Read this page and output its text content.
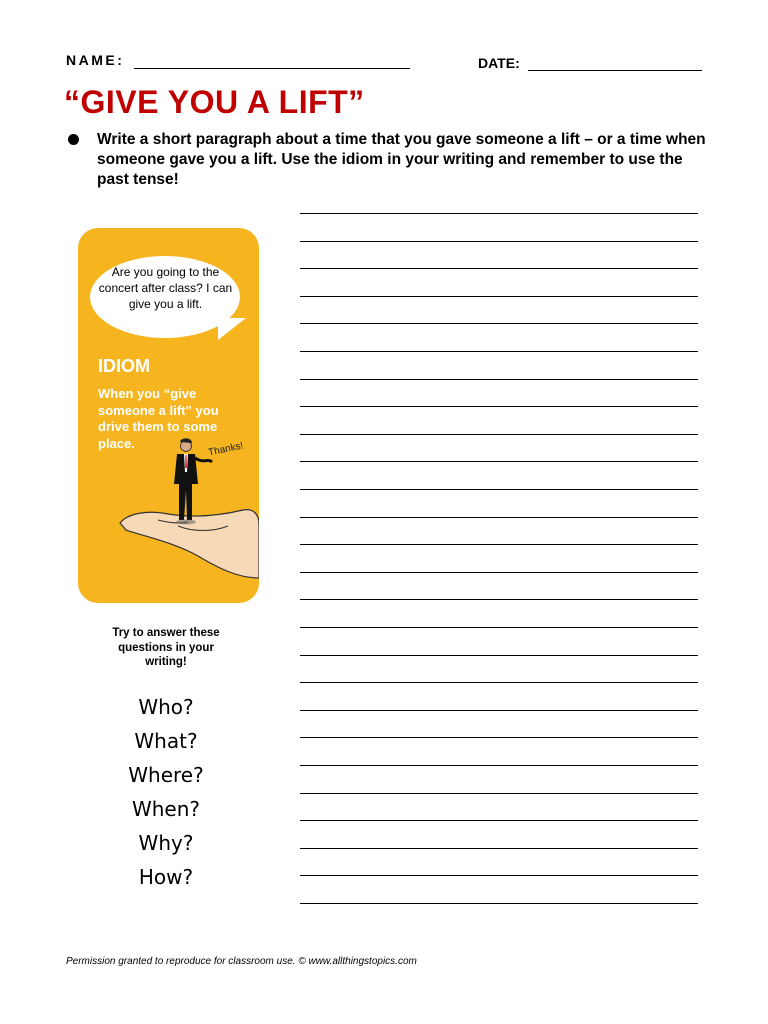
NAME:	DATE:
“GIVE YOU A LIFT”
Write a short paragraph about a time that you gave someone a lift – or a time when someone gave you a lift. Use the idiom in your writing and remember to use the past tense!
Are you going to the concert after class? I can give you a lift.
IDIOM
When you “give someone a lift” you drive them to some place.	Thanks!
Try to answer these questions in your writing!
Who?
What?
Where?
When?
Why?
How?
Permission granted to reproduce for classroom use. © www.allthingstopics.com
